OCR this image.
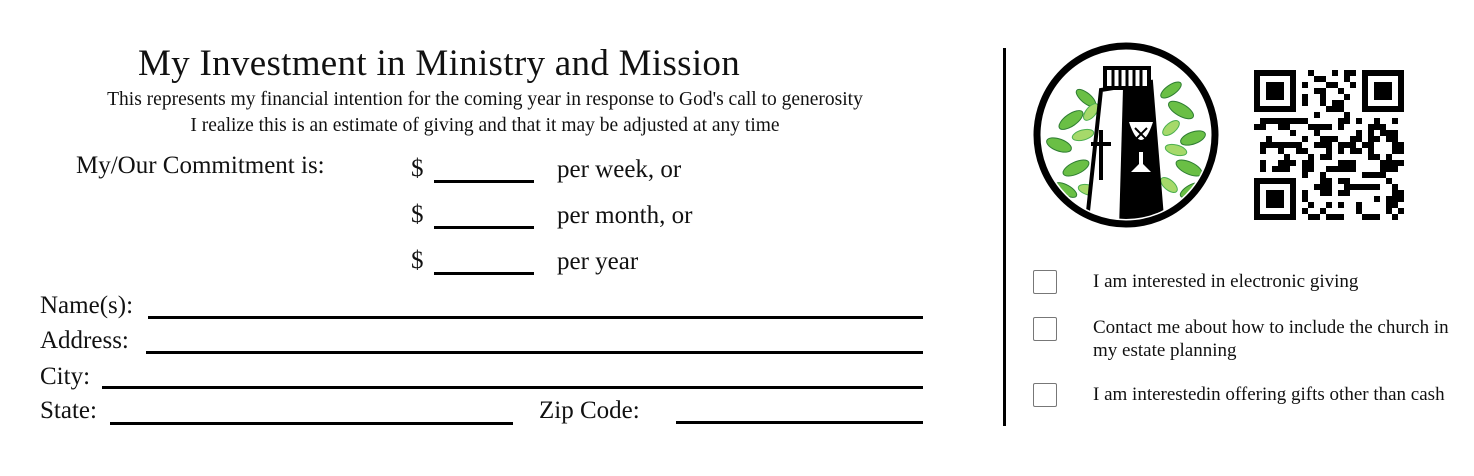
My Investment in Ministry and Mission
This represents my financial intention for the coming year in response to God's call to generosity
I realize this is an estimate of giving and that it may be adjusted at any time
My/Our Commitment is:	$	per week, or
$	per month, or
$	per year
Name(s):
Address:
City:
State:	Zip Code:
I am interested in electronic giving
Contact me about how to include the church in my estate planning
I am interestedin offering gifts other than cash
